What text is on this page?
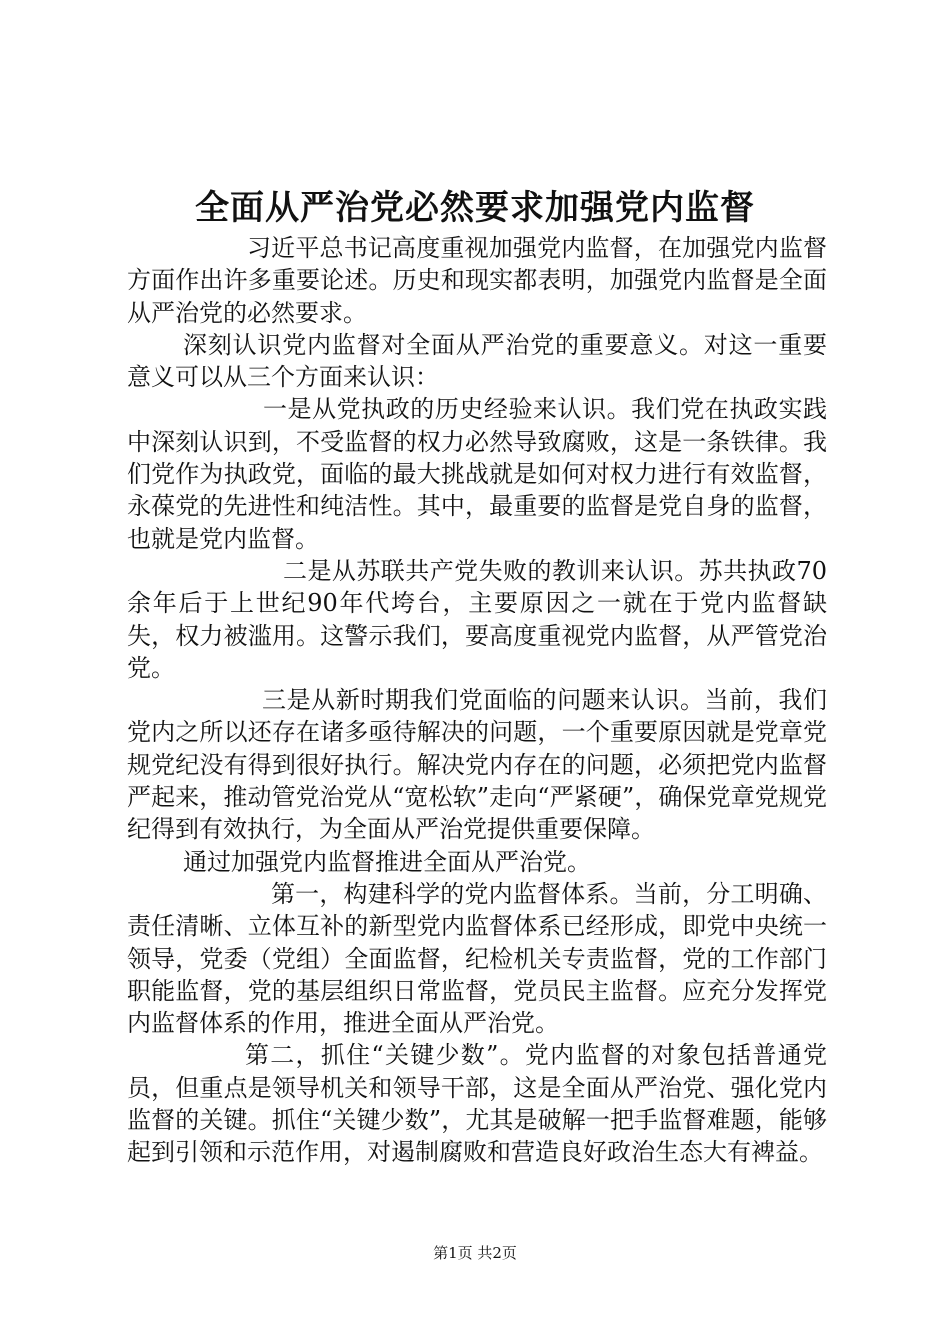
全面从严治党必然要求加强党内监督

习近平总书记高度重视加强党内监督，在加强党内监督方面作出许多重要论述。历史和现实都表明，加强党内监督是全面从严治党的必然要求。

深刻认识党内监督对全面从严治党的重要意义。对这一重要意义可以从三个方面来认识：

一是从党执政的历史经验来认识。我们党在执政实践中深刻认识到，不受监督的权力必然导致腐败，这是一条铁律。我们党作为执政党，面临的最大挑战就是如何对权力进行有效监督，永葆党的先进性和纯洁性。其中，最重要的监督是党自身的监督，也就是党内监督。

二是从苏联共产党失败的教训来认识。苏共执政70余年后于上世纪90年代垮台，主要原因之一就在于党内监督缺失，权力被滥用。这警示我们，要高度重视党内监督，从严管党治党。

三是从新时期我们党面临的问题来认识。当前，我们党内之所以还存在诸多亟待解决的问题，一个重要原因就是党章党规党纪没有得到很好执行。解决党内存在的问题，必须把党内监督严起来，推动管党治党从“宽松软”走向“严紧硬”，确保党章党规党纪得到有效执行，为全面从严治党提供重要保障。

通过加强党内监督推进全面从严治党。

第一，构建科学的党内监督体系。当前，分工明确、责任清晰、立体互补的新型党内监督体系已经形成，即党中央统一领导，党委（党组）全面监督，纪检机关专责监督，党的工作部门职能监督，党的基层组织日常监督，党员民主监督。应充分发挥党内监督体系的作用，推进全面从严治党。

第二，抓住“关键少数”。党内监督的对象包括普通党员，但重点是领导机关和领导干部，这是全面从严治党、强化党内监督的关键。抓住“关键少数”，尤其是破解一把手监督难题，能够起到引领和示范作用，对遏制腐败和营造良好政治生态大有裨益。

第1页 共2页
